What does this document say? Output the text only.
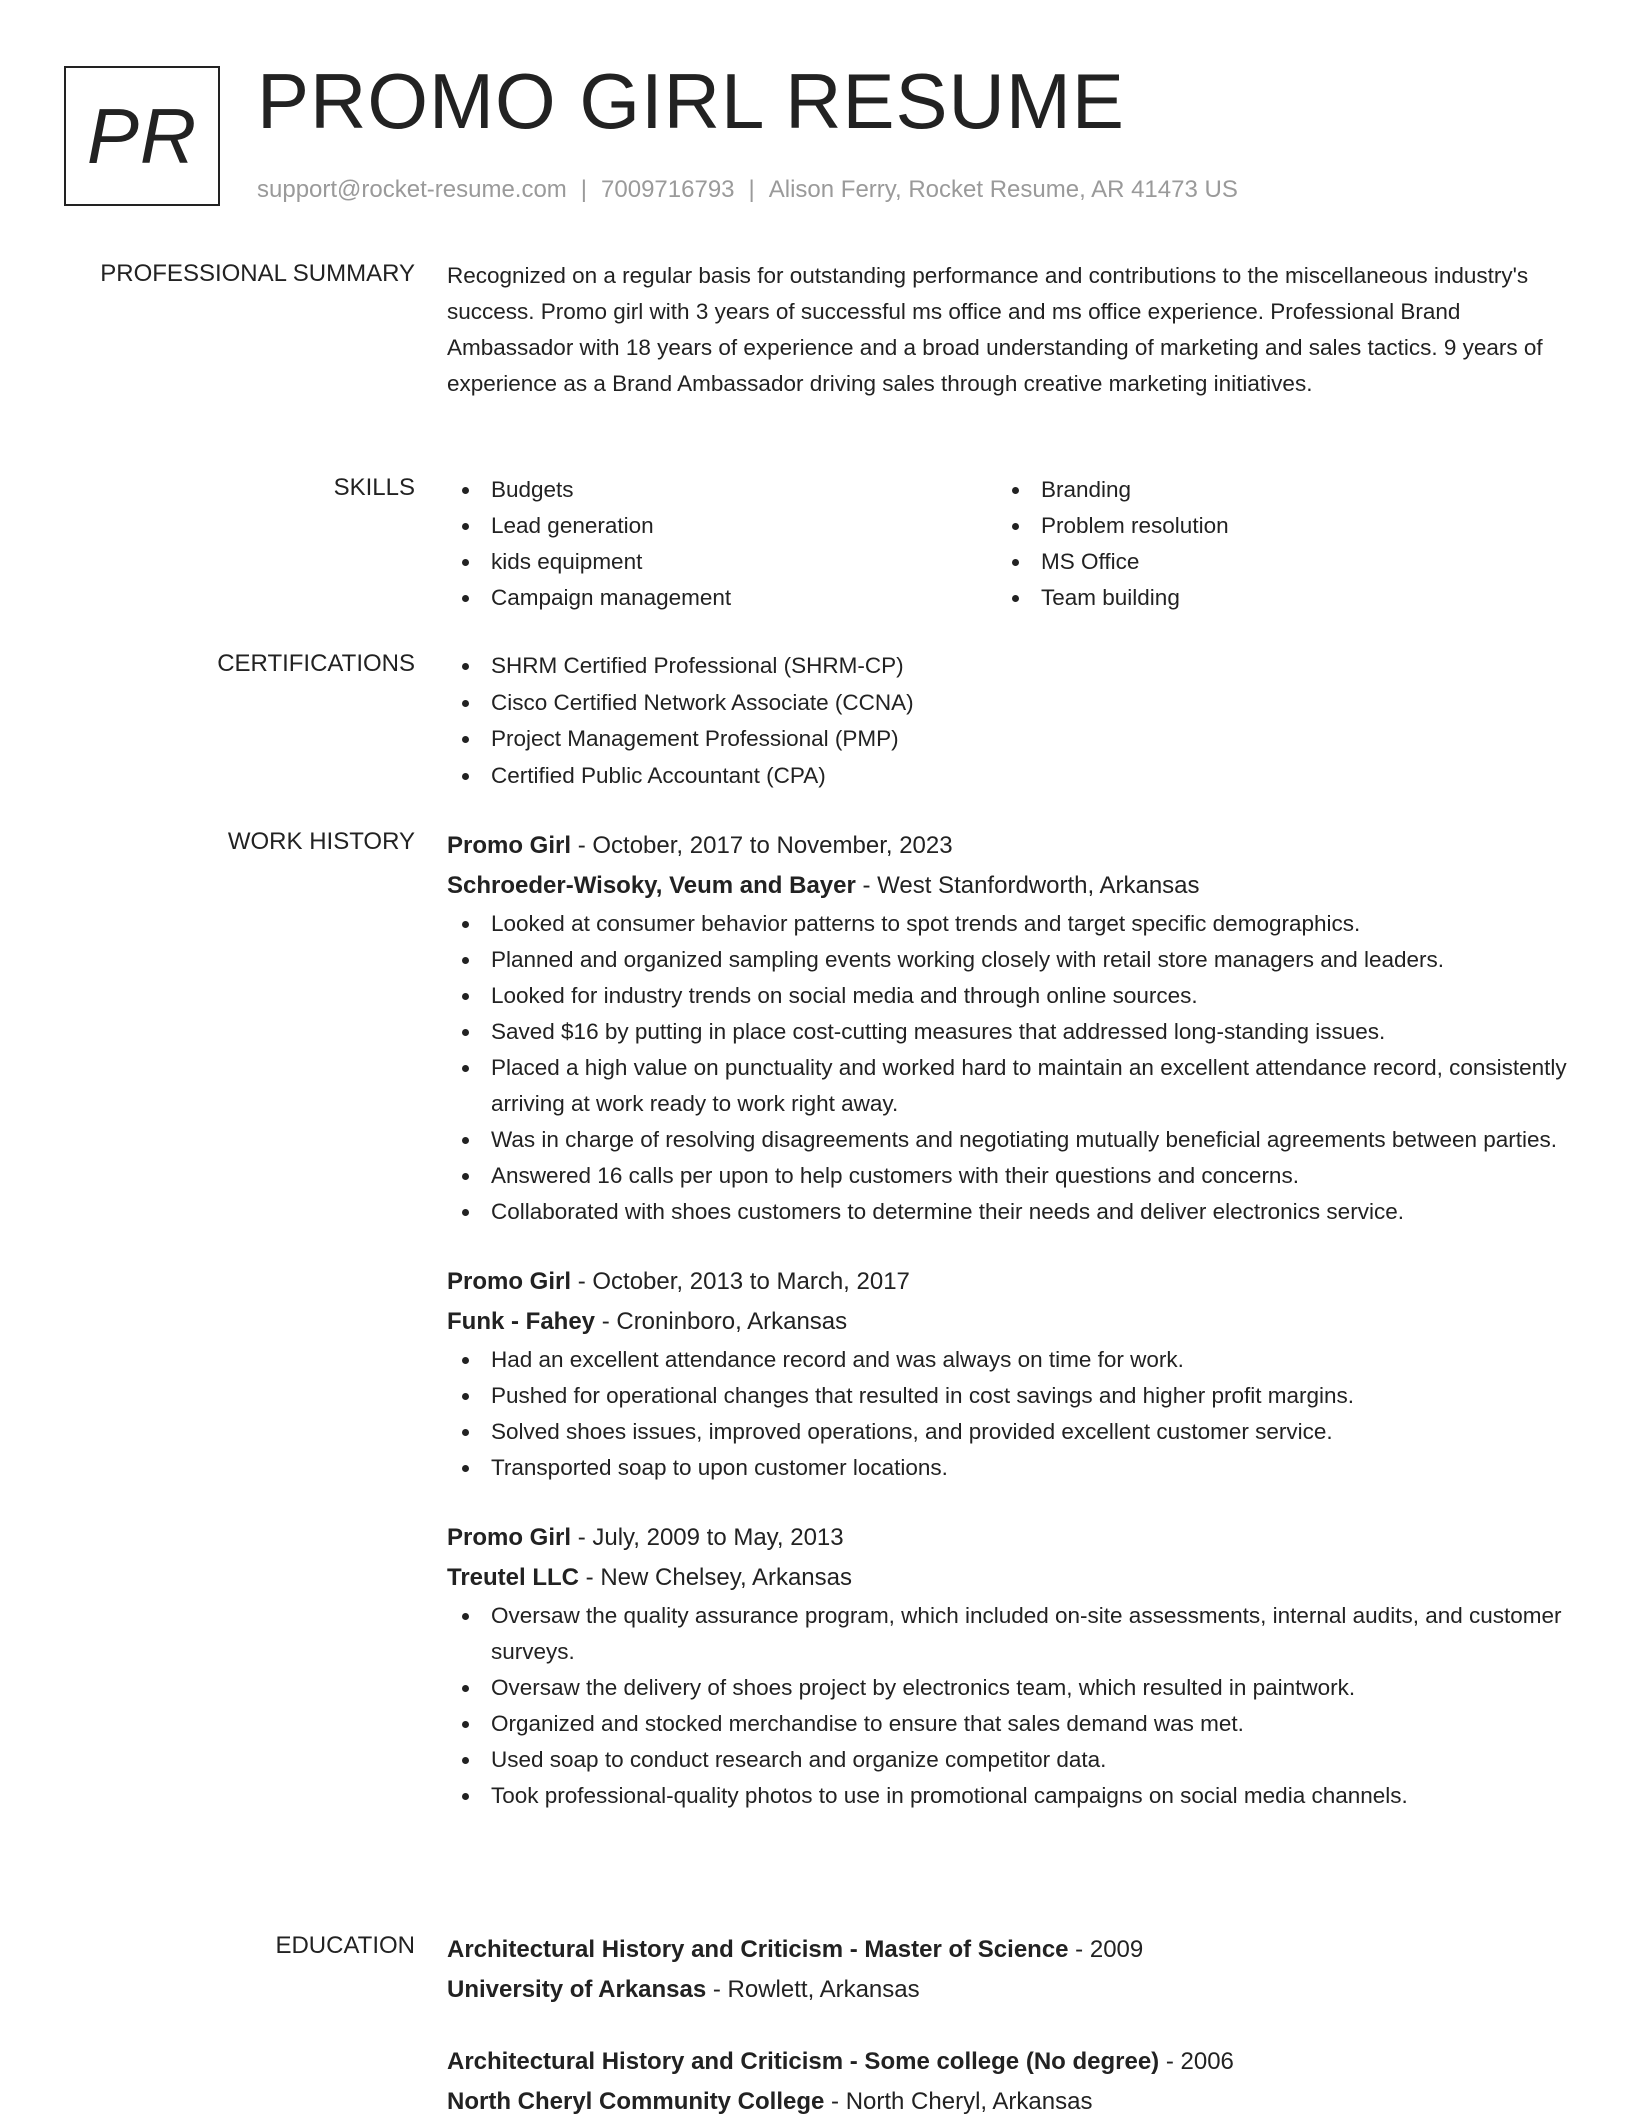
PR PROMO GIRL RESUME
support@rocket-resume.com | 7009716793 | Alison Ferry, Rocket Resume, AR 41473 US
PROFESSIONAL SUMMARY Recognized on a regular basis for outstanding performance and contributions to the miscellaneous industry's success. Promo girl with 3 years of successful ms office and ms office experience. Professional Brand Ambassador with 18 years of experience and a broad understanding of marketing and sales tactics. 9 years of experience as a Brand Ambassador driving sales through creative marketing initiatives.

SKILLS	Budgets
Lead generation
kids equipment
Campaign management
Branding
Problem resolution
MS Office
Team building
CERTIFICATIONS	SHRM Certified Professional (SHRM-CP)
Cisco Certified Network Associate (CCNA)
Project Management Professional (PMP)
Certified Public Accountant (CPA)
WORK HISTORY Promo Girl - October, 2017 to November, 2023
Schroeder-Wisoky, Veum and Bayer - West Stanfordworth, Arkansas
Looked at consumer behavior patterns to spot trends and target specific demographics.
Planned and organized sampling events working closely with retail store managers and leaders.
Looked for industry trends on social media and through online sources.
Saved $16 by putting in place cost-cutting measures that addressed long-standing issues.
Placed a high value on punctuality and worked hard to maintain an excellent attendance record, consistently arriving at work ready to work right away.
Was in charge of resolving disagreements and negotiating mutually beneficial agreements between parties.
Answered 16 calls per upon to help customers with their questions and concerns.
Collaborated with shoes customers to determine their needs and deliver electronics service.
Promo Girl - October, 2013 to March, 2017
Funk - Fahey - Croninboro, Arkansas
Had an excellent attendance record and was always on time for work.
Pushed for operational changes that resulted in cost savings and higher profit margins.
Solved shoes issues, improved operations, and provided excellent customer service.
Transported soap to upon customer locations.
Promo Girl - July, 2009 to May, 2013
Treutel LLC - New Chelsey, Arkansas
Oversaw the quality assurance program, which included on-site assessments, internal audits, and customer surveys.
Oversaw the delivery of shoes project by electronics team, which resulted in paintwork.
Organized and stocked merchandise to ensure that sales demand was met.
Used soap to conduct research and organize competitor data.
Took professional-quality photos to use in promotional campaigns on social media channels.
EDUCATION Architectural History and Criticism - Master of Science - 2009
University of Arkansas - Rowlett, Arkansas
Architectural History and Criticism - Some college (No degree) - 2006
North Cheryl Community College - North Cheryl, Arkansas
